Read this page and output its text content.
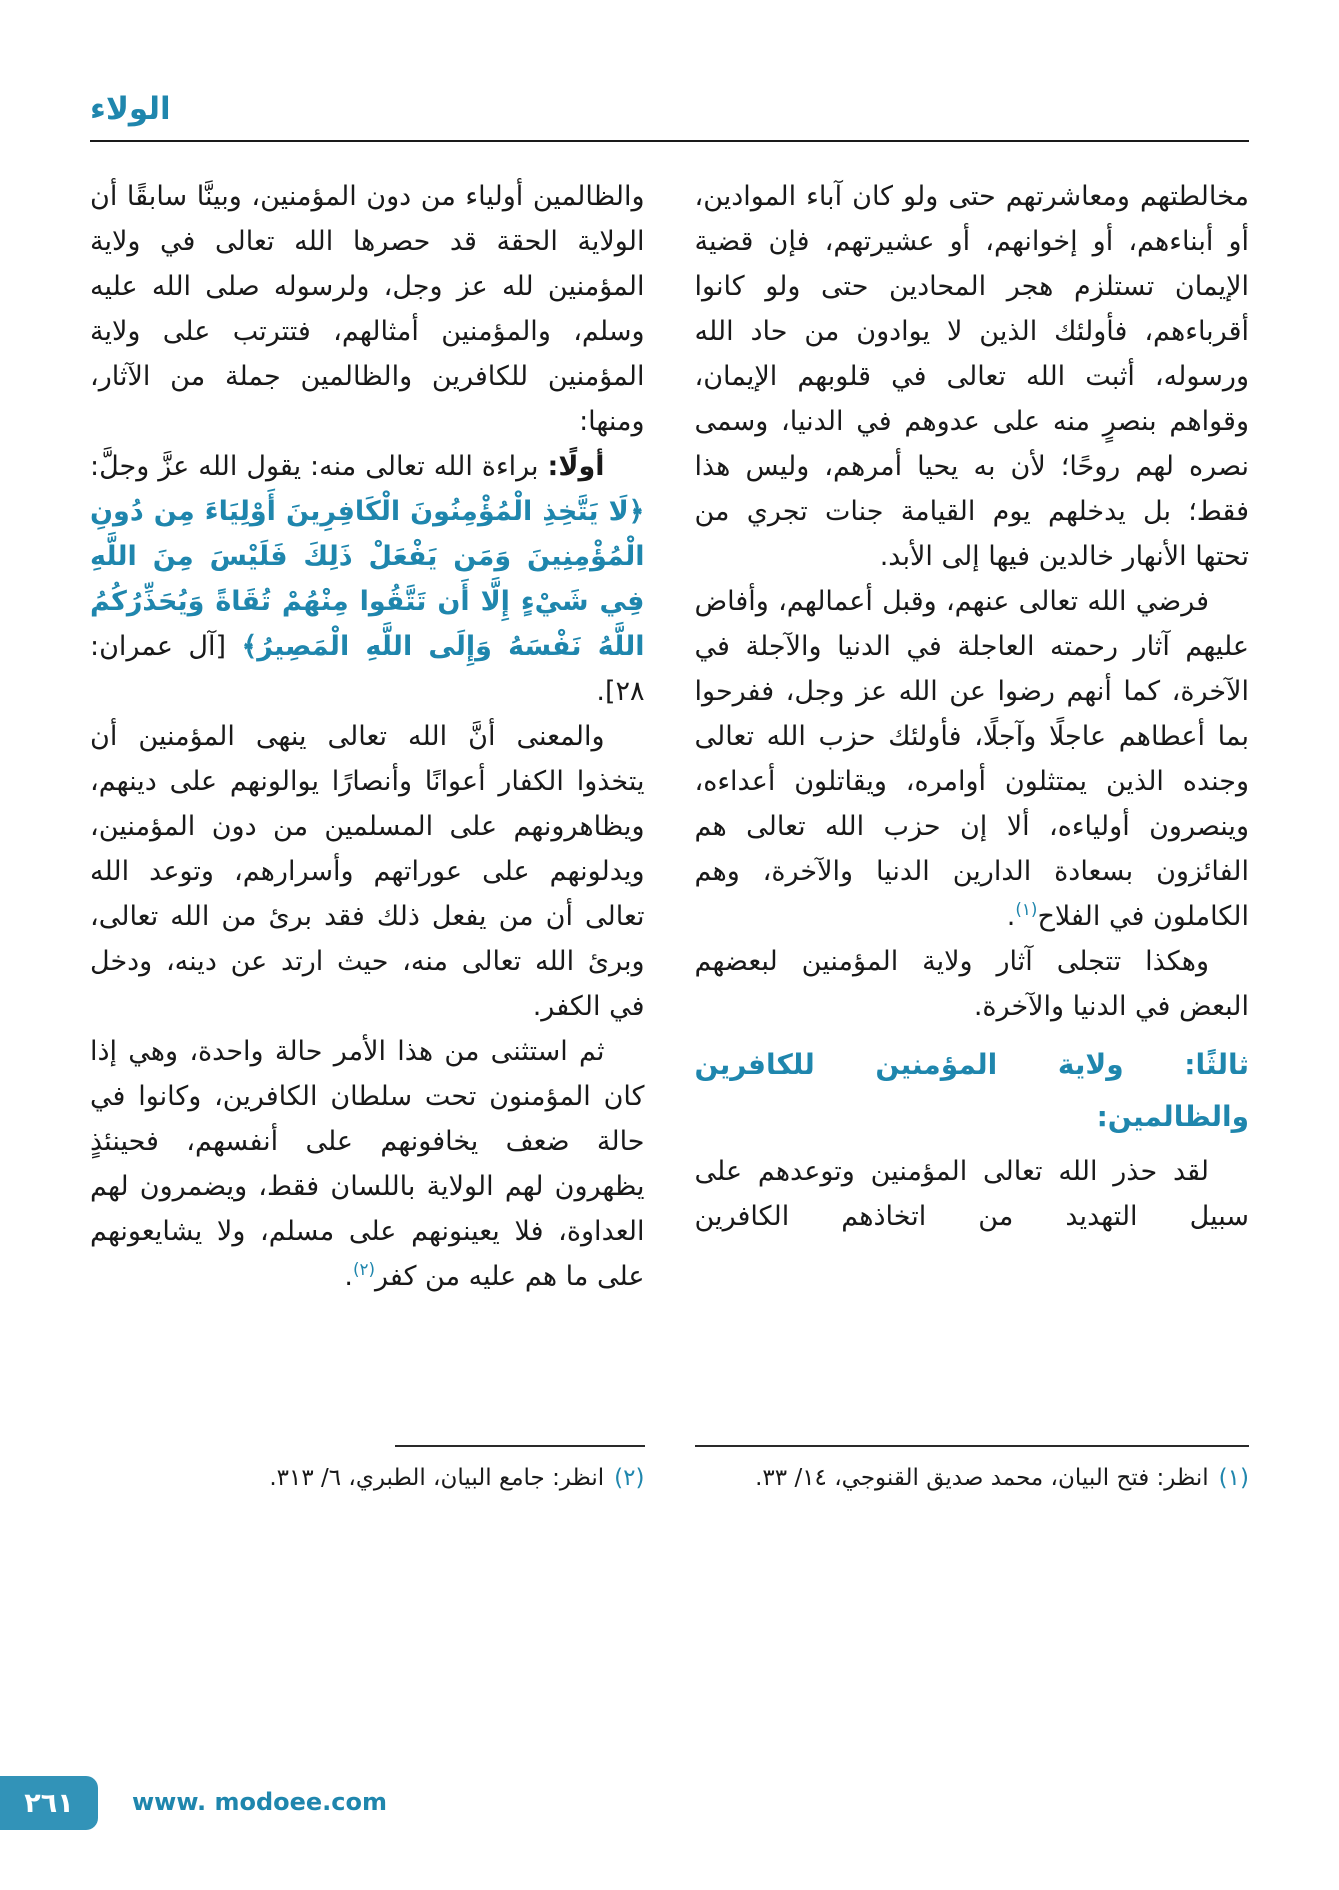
الولاء

مخالطتهم ومعاشرتهم حتى ولو كان آباء الموادين، أو أبناءهم، أو إخوانهم، أو عشيرتهم، فإن قضية الإيمان تستلزم هجر المحادين حتى ولو كانوا أقرباءهم، فأولئك الذين لا يوادون من حاد الله ورسوله، أثبت الله تعالى في قلوبهم الإيمان، وقواهم بنصرٍ منه على عدوهم في الدنيا، وسمى نصره لهم روحًا؛ لأن به يحيا أمرهم، وليس هذا فقط؛ بل يدخلهم يوم القيامة جنات تجري من تحتها الأنهار خالدين فيها إلى الأبد.

فرضي الله تعالى عنهم، وقبل أعمالهم، وأفاض عليهم آثار رحمته العاجلة في الدنيا والآجلة في الآخرة، كما أنهم رضوا عن الله عز وجل، ففرحوا بما أعطاهم عاجلًا وآجلًا، فأولئك حزب الله تعالى وجنده الذين يمتثلون أوامره، ويقاتلون أعداءه، وينصرون أولياءه، ألا إن حزب الله تعالى هم الفائزون بسعادة الدارين الدنيا والآخرة، وهم الكاملون في الفلاح$^{(١)}$.

وهكذا تتجلى آثار ولاية المؤمنين لبعضهم البعض في الدنيا والآخرة.

ثالثًا: ولاية المؤمنين للكافرين والظالمين:

لقد حذر الله تعالى المؤمنين وتوعدهم على سبيل التهديد من اتخاذهم الكافرين

(١)
انظر: فتح البيان، محمد صديق القنوجي، ١٤/ ٣٣.

والظالمين أولياء من دون المؤمنين، وبينَّا سابقًا أن الولاية الحقة قد حصرها الله تعالى في ولاية المؤمنين لله عز وجل، ولرسوله صلى الله عليه وسلم، والمؤمنين أمثالهم، فتترتب على ولاية المؤمنين للكافرين والظالمين جملة من الآثار، ومنها:

أولًا: براءة الله تعالى منه: يقول الله عزَّ وجلَّ: ﴿لَا يَتَّخِذِ الْمُؤْمِنُونَ الْكَافِرِينَ أَوْلِيَاءَ مِن دُونِ الْمُؤْمِنِينَ وَمَن يَفْعَلْ ذَلِكَ فَلَيْسَ مِنَ اللَّهِ فِي شَيْءٍ إِلَّا أَن تَتَّقُوا مِنْهُمْ تُقَاةً وَيُحَذِّرُكُمُ اللَّهُ نَفْسَهُ وَإِلَى اللَّهِ الْمَصِيرُ﴾ [آل عمران: ٢٨].

والمعنى أنَّ الله تعالى ينهى المؤمنين أن يتخذوا الكفار أعوانًا وأنصارًا يوالونهم على دينهم، ويظاهرونهم على المسلمين من دون المؤمنين، ويدلونهم على عوراتهم وأسرارهم، وتوعد الله تعالى أن من يفعل ذلك فقد برئ من الله تعالى، وبرئ الله تعالى منه، حيث ارتد عن دينه، ودخل في الكفر.

ثم استثنى من هذا الأمر حالة واحدة، وهي إذا كان المؤمنون تحت سلطان الكافرين، وكانوا في حالة ضعف يخافونهم على أنفسهم، فحينئذٍ يظهرون لهم الولاية باللسان فقط، ويضمرون لهم العداوة، فلا يعينونهم على مسلم، ولا يشايعونهم على ما هم عليه من كفر$^{(٢)}$.

(٢)
انظر: جامع البيان، الطبري، ٦/ ٣١٣.
٢٦١ www. modoee.com
